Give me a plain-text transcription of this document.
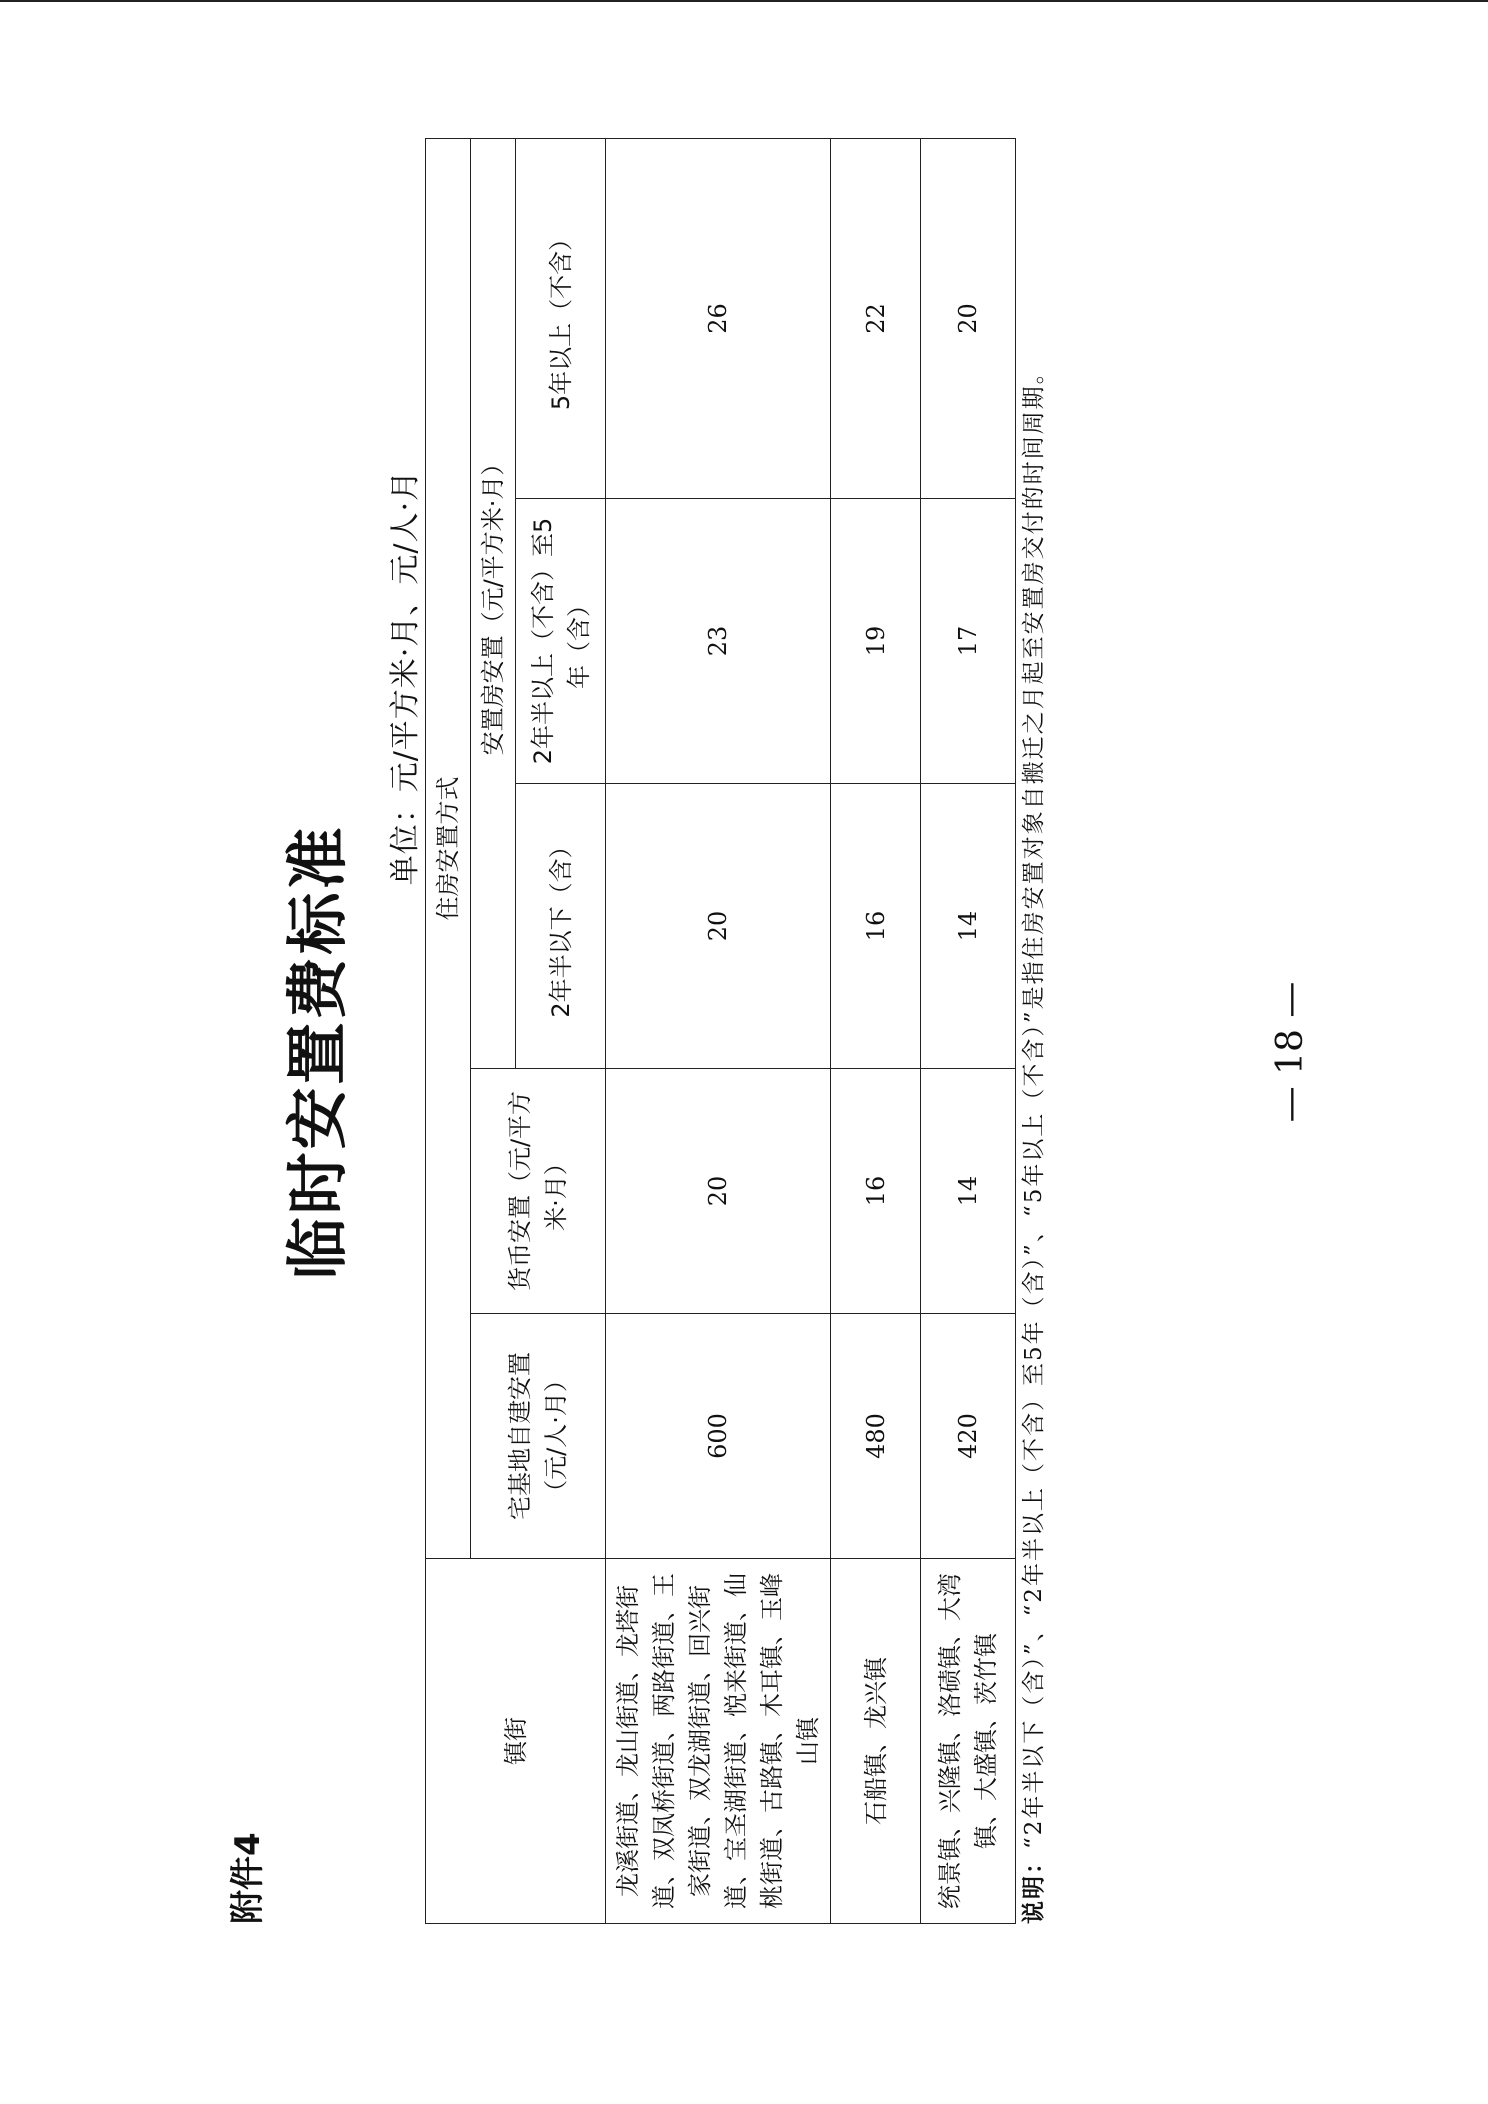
附件4
临时安置费标准
单位：元/平方米·月、元/人·月
镇街	住房安置方式				
	宅基地自建安置（元/人·月）	货币安置（元/平方米·月）	安置房安置（元/平方米·月）		
			2年半以下（含）	2年半以上（不含）至5年（含）	5年以上（不含）
龙溪街道、龙山街道、龙塔街道、双凤桥街道、两路街道、王家街道、双龙湖街道、回兴街道、宝圣湖街道、悦来街道、仙桃街道、古路镇、木耳镇、玉峰山镇	600	20	20	23	26
石船镇、龙兴镇	480	16	16	19	22
统景镇、兴隆镇、洛碛镇、大湾镇、大盛镇、茨竹镇	420	14	14	17	20
说明：“2年半以下（含）”、“2年半以上（不含）至5年（含）”、“5年以上（不含）”是指住房安置对象自搬迁之月起至安置房交付的时间周期。	— 18 —
